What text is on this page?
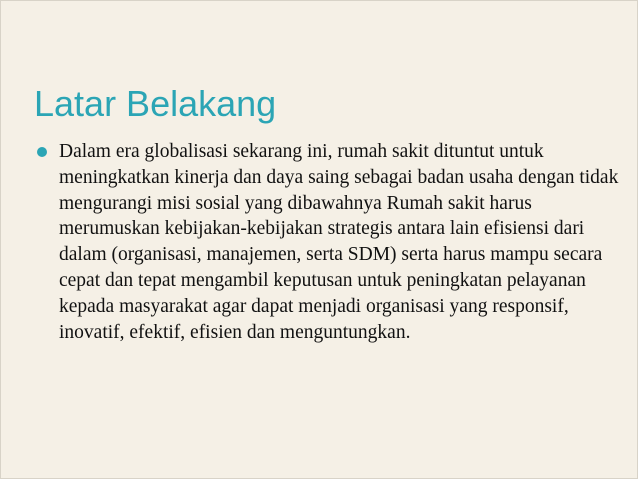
Latar Belakang
Dalam era globalisasi sekarang ini, rumah sakit dituntut untuk meningkatkan kinerja dan daya saing sebagai badan usaha dengan tidak mengurangi misi sosial yang dibawahnya Rumah sakit harus merumuskan kebijakan-kebijakan strategis antara lain efisiensi dari dalam (organisasi, manajemen, serta SDM) serta harus mampu secara cepat dan tepat mengambil keputusan untuk peningkatan pelayanan kepada masyarakat agar dapat menjadi organisasi yang responsif, inovatif, efektif, efisien dan menguntungkan.
